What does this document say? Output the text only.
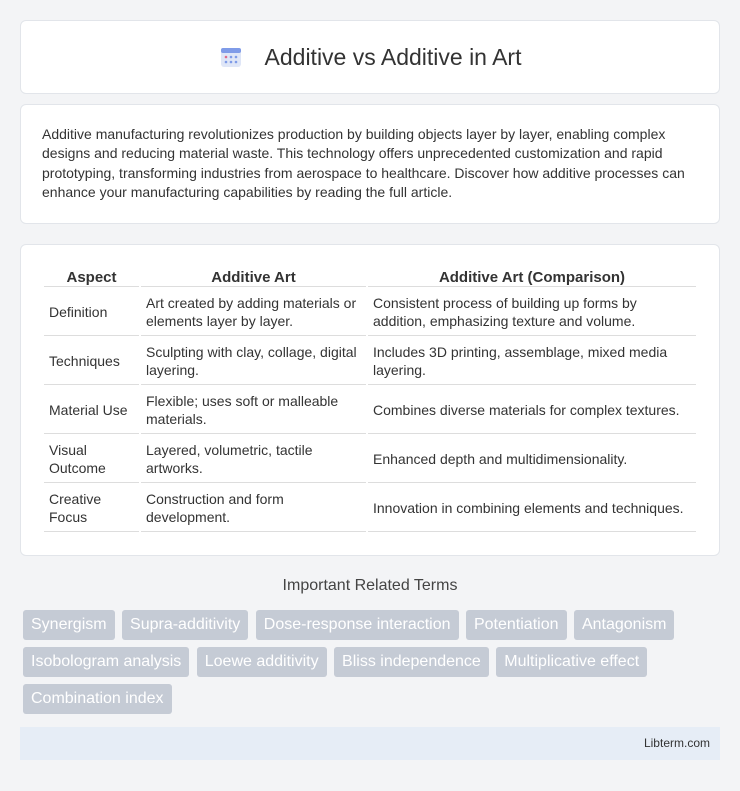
Additive vs Additive in Art

Additive manufacturing revolutionizes production by building objects layer by layer, enabling complex designs and reducing material waste. This technology offers unprecedented customization and rapid prototyping, transforming industries from aerospace to healthcare. Discover how additive processes can enhance your manufacturing capabilities by reading the full article.

Aspect	Additive Art	Additive Art (Comparison)
Definition	Art created by adding materials or elements layer by layer.	Consistent process of building up forms by addition, emphasizing texture and volume.
Techniques	Sculpting with clay, collage, digital layering.	Includes 3D printing, assemblage, mixed media layering.
Material Use	Flexible; uses soft or malleable materials.	Combines diverse materials for complex textures.
Visual Outcome	Layered, volumetric, tactile artworks.	Enhanced depth and multidimensionality.
Creative Focus	Construction and form development.	Innovation in combining elements and techniques.
Important Related Terms
Synergism Supra-additivity Dose-response interaction Potentiation Antagonism Isobologram analysis Loewe additivity Bliss independence Multiplicative effect Combination index
Libterm.com
